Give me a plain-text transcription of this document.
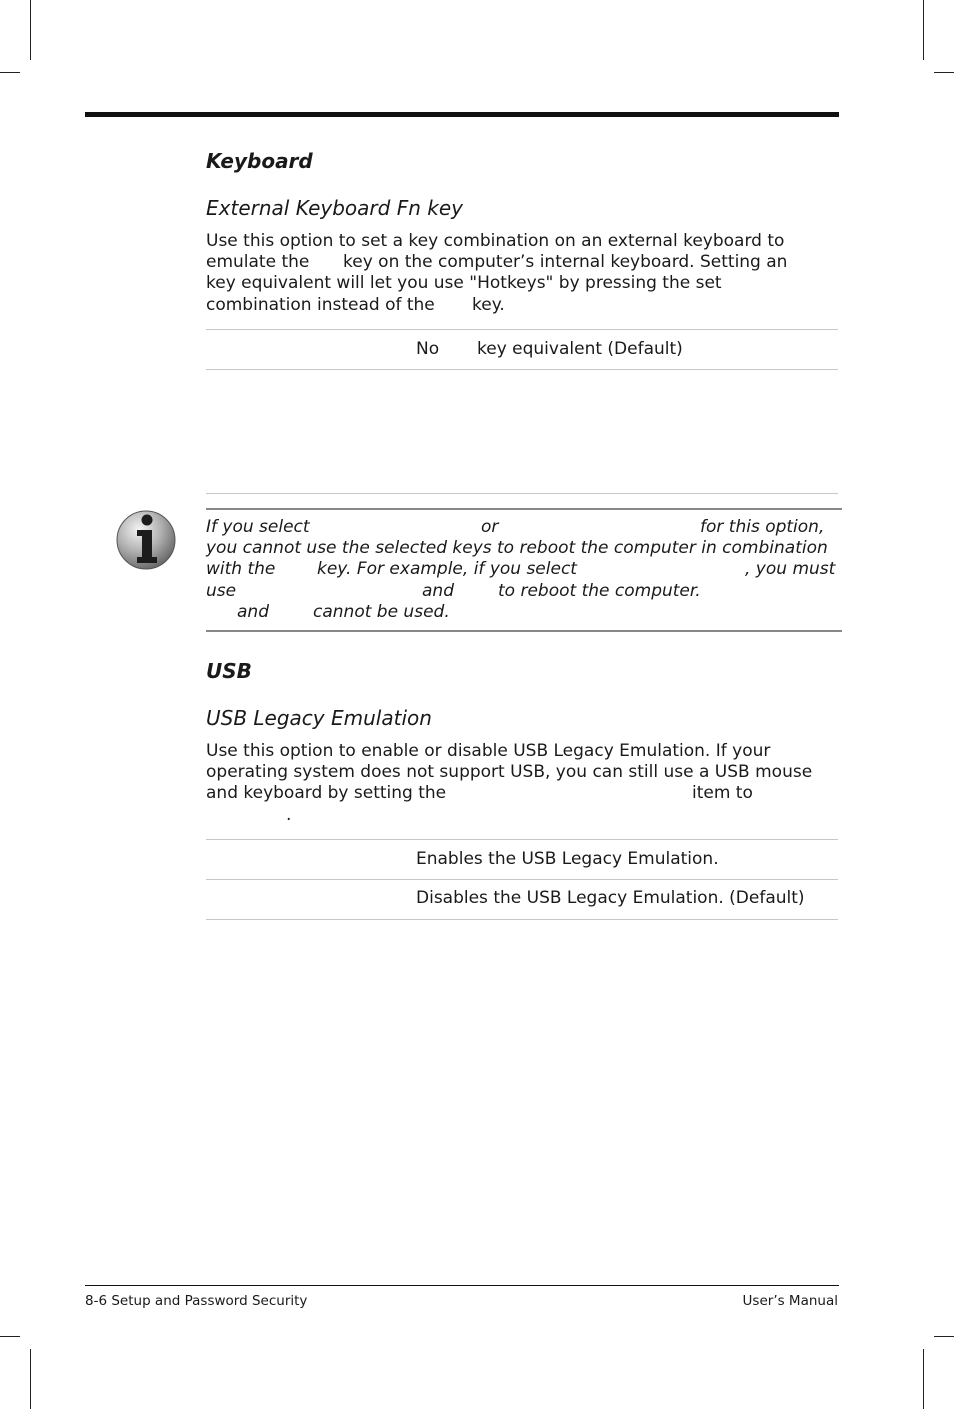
Keyboard
External Keyboard Fn key
Use this option to set a key combination on an external keyboard to
emulate the key on the computer’s internal keyboard. Setting an
key equivalent will let you use "Hotkeys" by pressing the set
combination instead of the key.
No key equivalent (Default)
If you select	or	for this option,
you cannot use the selected keys to reboot the computer in combination
with the key. For example, if you select	, you must
use	and	to reboot the computer.
and	cannot be used.
USB
USB Legacy Emulation
Use this option to enable or disable USB Legacy Emulation. If your
operating system does not support USB, you can still use a USB mouse
and keyboard by setting the	item to
.
Enables the USB Legacy Emulation.
Disables the USB Legacy Emulation. (Default)
8-6 Setup and Password Security	User’s Manual
